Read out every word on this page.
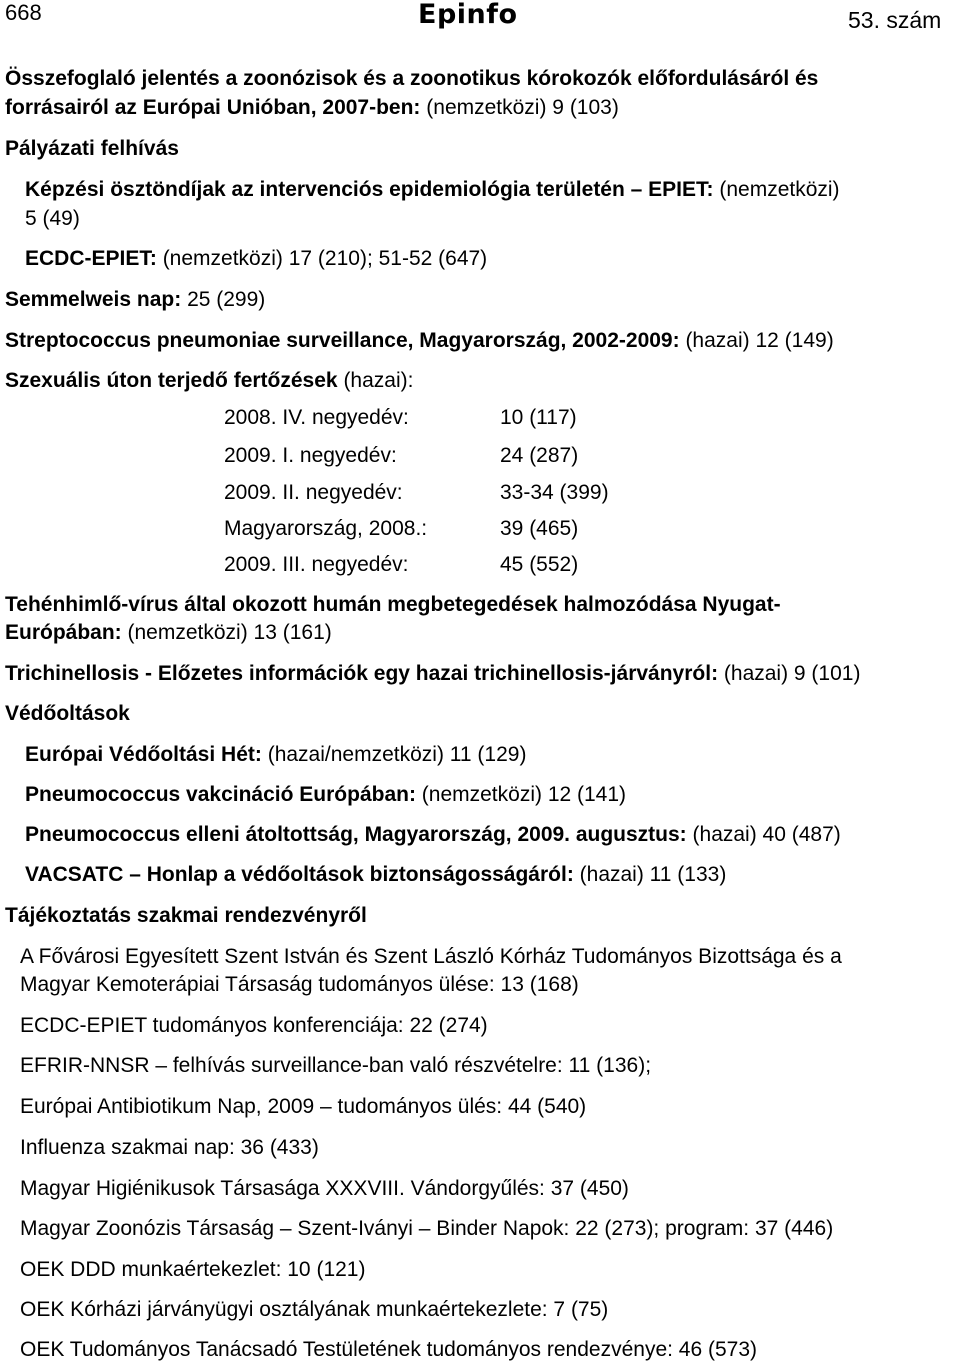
668	Epinfo	53. szám
Összefoglaló jelentés a zoonózisok és a zoonotikus kórokozók előfordulásáról és
forrásairól az Európai Unióban, 2007-ben: (nemzetközi) 9 (103)
Pályázati felhívás
Képzési ösztöndíjak az intervenciós epidemiológia területén – EPIET: (nemzetközi)
5 (49)
ECDC-EPIET: (nemzetközi) 17 (210); 51-52 (647)
Semmelweis nap: 25 (299)
Streptococcus pneumoniae surveillance, Magyarország, 2002-2009: (hazai) 12 (149)
Szexuális úton terjedő fertőzések (hazai):
2008. IV. negyedév:	10 (117)
2009. I. negyedév:	24 (287)
2009. II. negyedév:	33-34 (399)
Magyarország, 2008.:	39 (465)
2009. III. negyedév:	45 (552)
Tehénhimlő-vírus által okozott humán megbetegedések halmozódása Nyugat-
Európában: (nemzetközi) 13 (161)
Trichinellosis - Előzetes információk egy hazai trichinellosis-járványról: (hazai) 9 (101)
Védőoltások
Európai Védőoltási Hét: (hazai/nemzetközi) 11 (129)
Pneumococcus vakcináció Európában: (nemzetközi) 12 (141)
Pneumococcus elleni átoltottság, Magyarország, 2009. augusztus: (hazai) 40 (487)
VACSATC – Honlap a védőoltások biztonságosságáról: (hazai) 11 (133)
Tájékoztatás szakmai rendezvényről
A Fővárosi Egyesített Szent István és Szent László Kórház Tudományos Bizottsága és a
Magyar Kemoterápiai Társaság tudományos ülése: 13 (168)
ECDC-EPIET tudományos konferenciája: 22 (274)
EFRIR-NNSR – felhívás surveillance-ban való részvételre: 11 (136);
Európai Antibiotikum Nap, 2009 – tudományos ülés: 44 (540)
Influenza szakmai nap: 36 (433)
Magyar Higiénikusok Társasága XXXVIII. Vándorgyűlés: 37 (450)
Magyar Zoonózis Társaság – Szent-Iványi – Binder Napok: 22 (273); program: 37 (446)
OEK DDD munkaértekezlet: 10 (121)
OEK Kórházi járványügyi osztályának munkaértekezlete: 7 (75)
OEK Tudományos Tanácsadó Testületének tudományos rendezvénye: 46 (573)
